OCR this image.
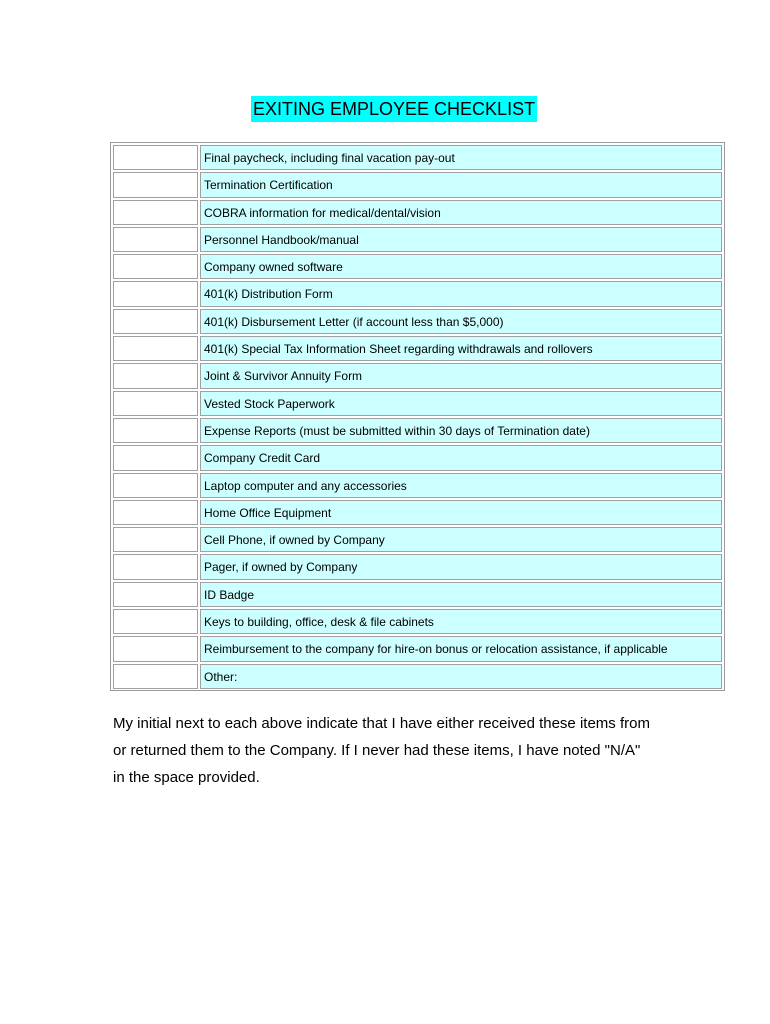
EXITING EMPLOYEE CHECKLIST
Final paycheck, including final vacation pay-out
Termination Certification
COBRA information for medical/dental/vision
Personnel Handbook/manual
Company owned software
401(k) Distribution Form
401(k) Disbursement Letter (if account less than $5,000)
401(k) Special Tax Information Sheet regarding withdrawals and rollovers
Joint & Survivor Annuity Form
Vested Stock Paperwork
Expense Reports (must be submitted within 30 days of Termination date)
Company Credit Card
Laptop computer and any accessories
Home Office Equipment
Cell Phone, if owned by Company
Pager, if owned by Company
ID Badge
Keys to building, office, desk & file cabinets
Reimbursement to the company for hire-on bonus or relocation assistance, if applicable
Other:
My initial next to each above indicate that I have either received these items from
or returned them to the Company. If I never had these items, I have noted "N/A"
in the space provided.
